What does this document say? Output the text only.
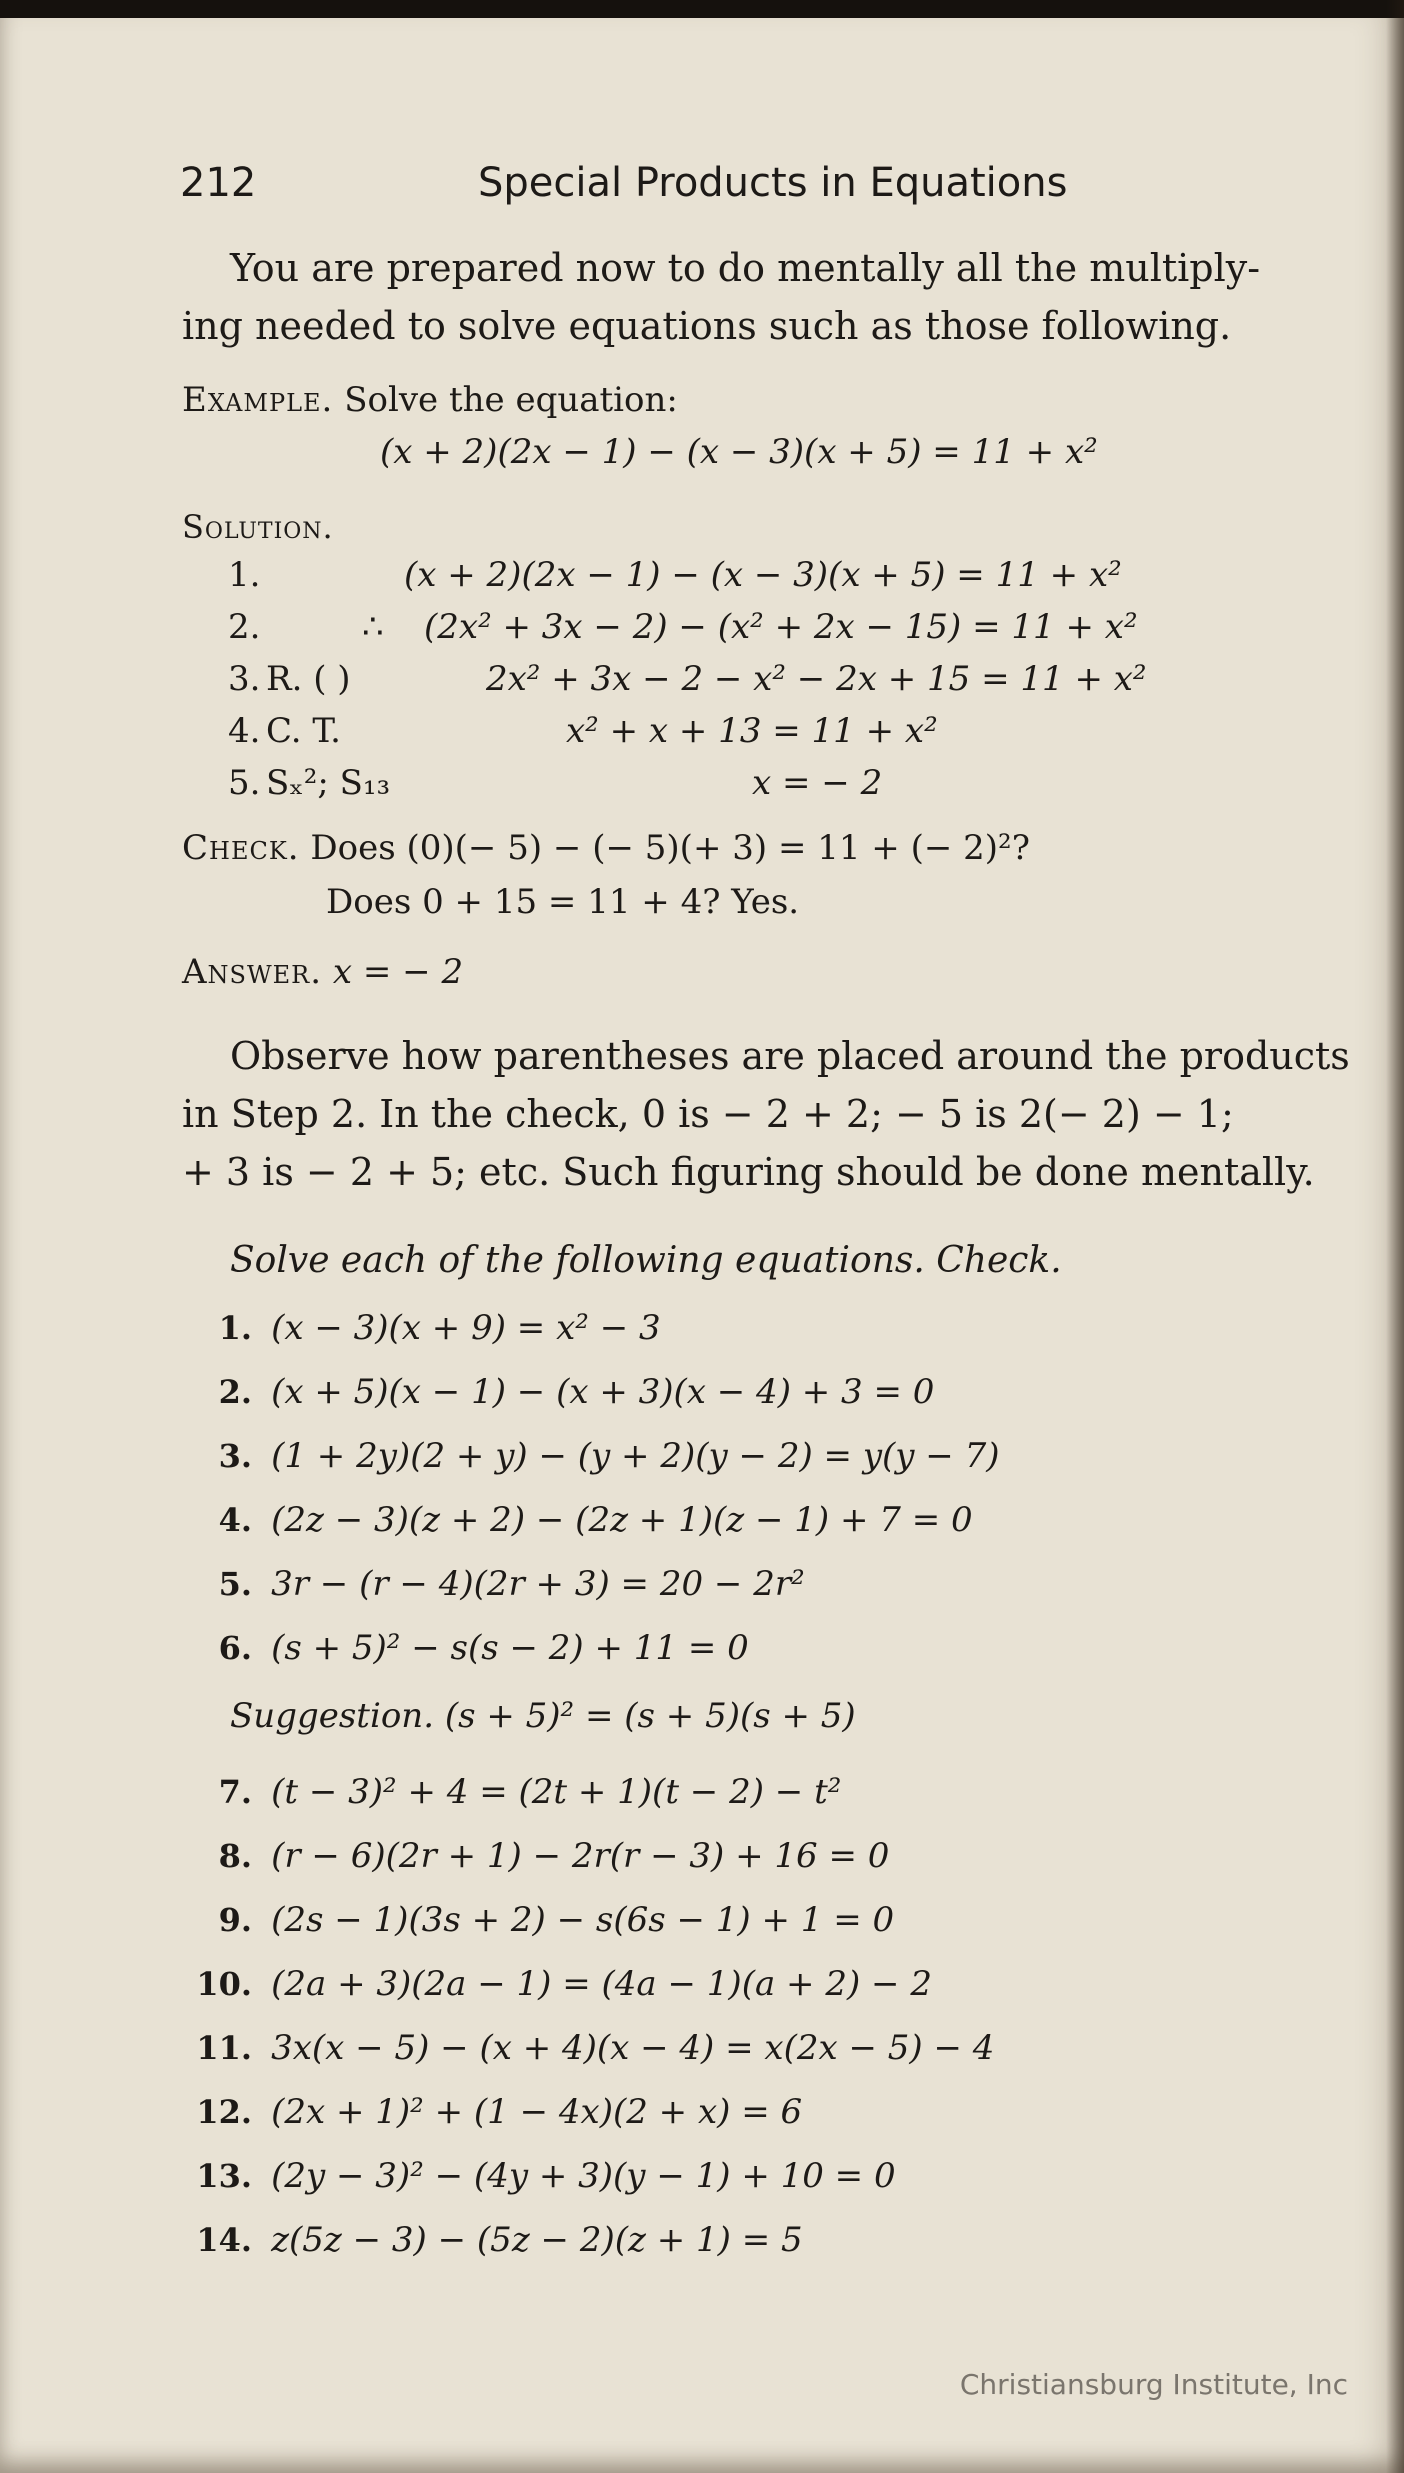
212	Special Products in Equations
You are prepared now to do mentally all the multiply-
ing needed to solve equations such as those following.
Example. Solve the equation:
(x + 2)(2x − 1) − (x − 3)(x + 5) = 11 + x²
Solution.
1.	(x + 2)(2x − 1) − (x − 3)(x + 5) = 11 + x²
2.	∴ (2x² + 3x − 2) − (x² + 2x − 15) = 11 + x²
3. R. ( )	2x² + 3x − 2 − x² − 2x + 15 = 11 + x²
4. C. T.	x² + x + 13 = 11 + x²
5. Sₓ²; S₁₃	x = − 2
Check. Does (0)(− 5) − (− 5)(+ 3) = 11 + (− 2)²?
Does 0 + 15 = 11 + 4? Yes.
Answer. x = − 2
Observe how parentheses are placed around the products
in Step 2. In the check, 0 is − 2 + 2; − 5 is 2(− 2) − 1;
+ 3 is − 2 + 5; etc. Such figuring should be done mentally.
Solve each of the following equations. Check.
1. (x − 3)(x + 9) = x² − 3
2. (x + 5)(x − 1) − (x + 3)(x − 4) + 3 = 0
3. (1 + 2y)(2 + y) − (y + 2)(y − 2) = y(y − 7)
4. (2z − 3)(z + 2) − (2z + 1)(z − 1) + 7 = 0
5. 3r − (r − 4)(2r + 3) = 20 − 2r²
6. (s + 5)² − s(s − 2) + 11 = 0
Suggestion. (s + 5)² = (s + 5)(s + 5)
7. (t − 3)² + 4 = (2t + 1)(t − 2) − t²
8. (r − 6)(2r + 1) − 2r(r − 3) + 16 = 0
9. (2s − 1)(3s + 2) − s(6s − 1) + 1 = 0
10. (2a + 3)(2a − 1) = (4a − 1)(a + 2) − 2
11. 3x(x − 5) − (x + 4)(x − 4) = x(2x − 5) − 4
12. (2x + 1)² + (1 − 4x)(2 + x) = 6
13. (2y − 3)² − (4y + 3)(y − 1) + 10 = 0
14. z(5z − 3) − (5z − 2)(z + 1) = 5
Christiansburg Institute, Inc
